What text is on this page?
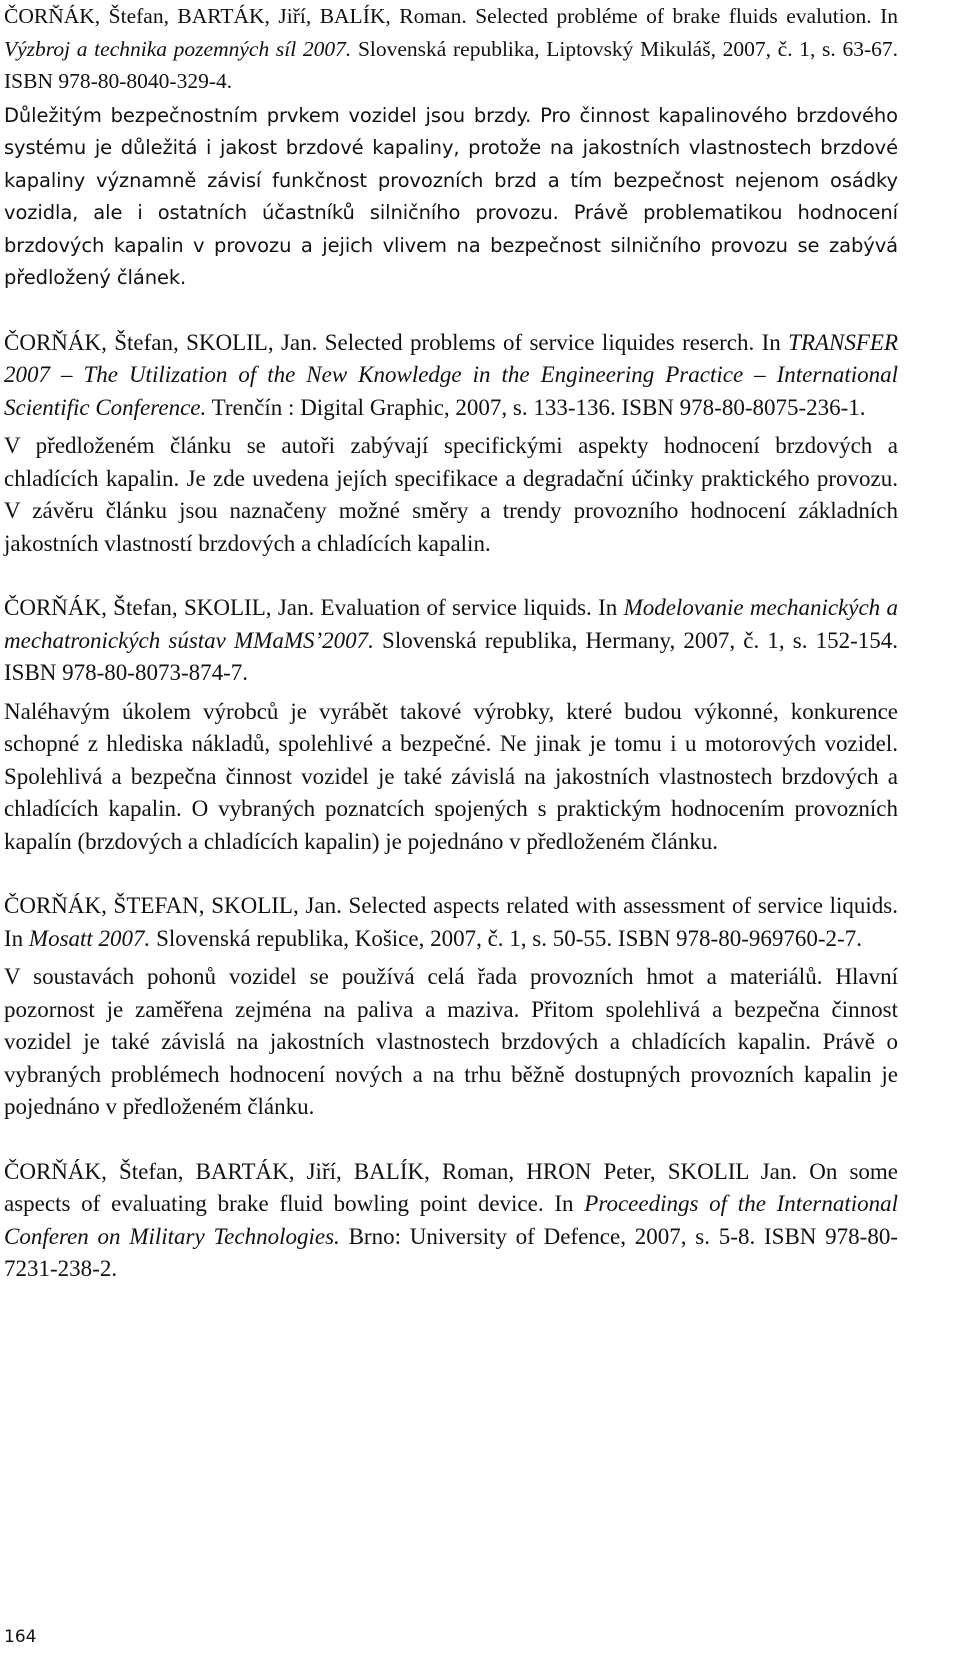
ČORŇÁK, Štefan, BARTÁK, Jiří, BALÍK, Roman. Selected probléme of brake fluids evalution. In Výzbroj a technika pozemných síl 2007. Slovenská republika, Liptovský Mikuláš, 2007, č. 1, s. 63-67. ISBN 978-80-8040-329-4.

Důležitým bezpečnostním prvkem vozidel jsou brzdy. Pro činnost kapalinového brzdového systému je důležitá i jakost brzdové kapaliny, protože na jakostních vlastnostech brzdové kapaliny významně závisí funkčnost provozních brzd a tím bezpečnost nejenom osádky vozidla, ale i ostatních účastníků silničního provozu. Právě problematikou hodnocení brzdových kapalin v provozu a jejich vlivem na bezpečnost silničního provozu se zabývá předložený článek.

ČORŇÁK, Štefan, SKOLIL, Jan. Selected problems of service liquides reserch. In TRANSFER 2007 – The Utilization of the New Knowledge in the Engineering Practice – International Scientific Conference. Trenčín : Digital Graphic, 2007, s. 133-136. ISBN 978-80-8075-236-1.

V předloženém článku se autoři zabývají specifickými aspekty hodnocení brzdových a chladících kapalin. Je zde uvedena jejích specifikace a degradační účinky praktického provozu. V závěru článku jsou naznačeny možné směry a trendy provozního hodnocení základních jakostních vlastností brzdových a chladících kapalin.

ČORŇÁK, Štefan, SKOLIL, Jan. Evaluation of service liquids. In Modelovanie mechanických a mechatronických sústav MMaMS’2007. Slovenská republika, Hermany, 2007, č. 1, s. 152-154. ISBN 978-80-8073-874-7.

Naléhavým úkolem výrobců je vyrábět takové výrobky, které budou výkonné, konkurence schopné z hlediska nákladů, spolehlivé a bezpečné. Ne jinak je tomu i u motorových vozidel. Spolehlivá a bezpečna činnost vozidel je také závislá na jakostních vlastnostech brzdových a chladících kapalin. O vybraných poznatcích spojených s praktickým hodnocením provozních kapalín (brzdových a chladících kapalin) je pojednáno v předloženém článku.

ČORŇÁK, ŠTEFAN, SKOLIL, Jan. Selected aspects related with assessment of service liquids. In Mosatt 2007. Slovenská republika, Košice, 2007, č. 1, s. 50-55. ISBN 978-80-969760-2-7.

V soustavách pohonů vozidel se používá celá řada provozních hmot a materiálů. Hlavní pozornost je zaměřena zejména na paliva a maziva. Přitom spolehlivá a bezpečna činnost vozidel je také závislá na jakostních vlastnostech brzdových a chladících kapalin. Právě o vybraných problémech hodnocení nových a na trhu běžně dostupných provozních kapalin je pojednáno v předloženém článku.

ČORŇÁK, Štefan, BARTÁK, Jiří, BALÍK, Roman, HRON Peter, SKOLIL Jan. On some aspects of evaluating brake fluid bowling point device. In Proceedings of the International Conferen on Military Technologies. Brno: University of Defence, 2007, s. 5-8. ISBN 978-80-7231-238-2.

164
